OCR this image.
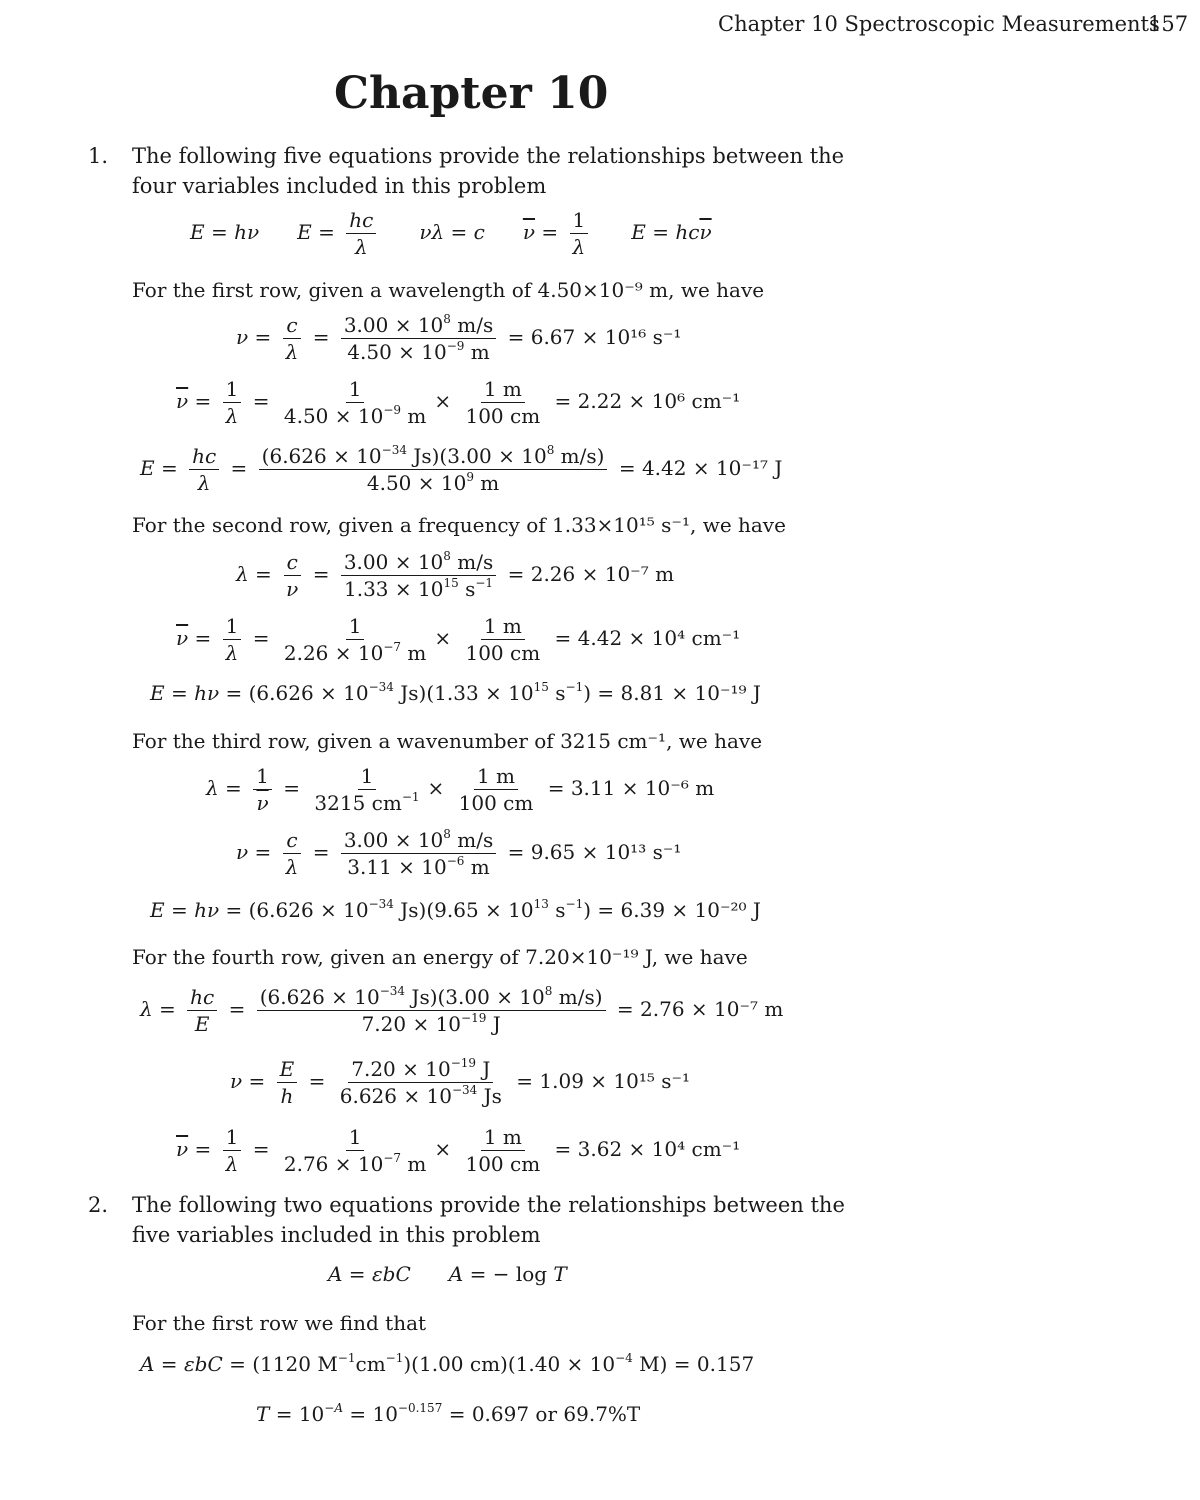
Chapter 10 Spectroscopic Measurements
157
Chapter 10
1. The following five equations provide the relationships between the
four variables included in this problem
E = hν $E = \frac{hc}{\lambda}$ νλ = c $\overline{\nu} = \frac{1}{\lambda}$ $E = hc\overline{\nu}$
For the first row, given a wavelength of 4.50×10⁻⁹ m, we have
$\nu = \frac{c}{\lambda} = \frac{3.00 \times 10^8 m/s}{4.50 \times 10^{-9} m} = 6.67 \times 10^{16}$ s⁻¹
$\overline{\nu} = \frac{1}{\lambda} = \frac{1}{4.50 \times 10^{-9} m} \times \frac{1 m}{100 cm} = 2.22 \times 10^6$ cm⁻¹
$E = \frac{hc}{\lambda} = \frac{(6.626 \times 10^{-34} Js)(3.00 \times 10^8 m/s)}{4.50 \times 10^9 m} = 4.42 \times 10^{-17}$ J
For the second row, given a frequency of 1.33×10¹⁵ s⁻¹, we have
$\lambda = \frac{c}{\nu} = \frac{3.00 \times 10^8 m/s}{1.33 \times 10^{15} s^{-1}} = 2.26 \times 10^{-7}$ m
$\overline{\nu} = \frac{1}{\lambda} = \frac{1}{2.26 \times 10^{-7} m} \times \frac{1 m}{100 cm} = 4.42 \times 10^4$ cm⁻¹
$E = h\nu = (6.626 \times 10^{-34}$ $Js)(1.33 \times 10^{15}$ $s^{-1}) = 8.81 \times 10^{-19}$ J
For the third row, given a wavenumber of 3215 cm⁻¹, we have
$\lambda = \frac{1}{\nu} = \frac{1}{3215 cm^{-1}} \times \frac{1 m}{100 cm} = 3.11 \times 10^{-6}$ m
$\nu = \frac{c}{\lambda} = \frac{3.00 \times 10^8 m/s}{3.11 \times 10^{-6} m} = 9.65 \times 10^{13}$ s⁻¹
$E = h\nu = (6.626 \times 10^{-34}$ $Js)(9.65 \times 10^{13}$ $s^{-1}) = 6.39 \times 10^{-20}$ J
For the fourth row, given an energy of 7.20×10⁻¹⁹ J, we have
$\lambda = \frac{hc}{E} = \frac{(6.626 \times 10^{-34} Js)(3.00 \times 10^8 m/s)}{7.20 \times 10^{-19} J} = 2.76 \times 10^{-7}$ m
$\nu = \frac{E}{h} = \frac{7.20 \times 10^{-19} J}{6.626 \times 10^{-34} Js} = 1.09 \times 10^{15}$ s⁻¹
$\overline{\nu} = \frac{1}{\lambda} = \frac{1}{2.76 \times 10^{-7} m} \times \frac{1 m}{100 cm} = 3.62 \times 10^4$ cm⁻¹
2. The following two equations provide the relationships between the
five variables included in this problem
A = εbC A = − log T
For the first row we find that
A = εbC = (1120 $M^{-1}cm^{-1})(1.00$ $cm)(1.40 \times 10^{-4}$ M) = 0.157
$T = 10^{-A} = 10^{-0.157} = 0.697$ or 69.7%T
